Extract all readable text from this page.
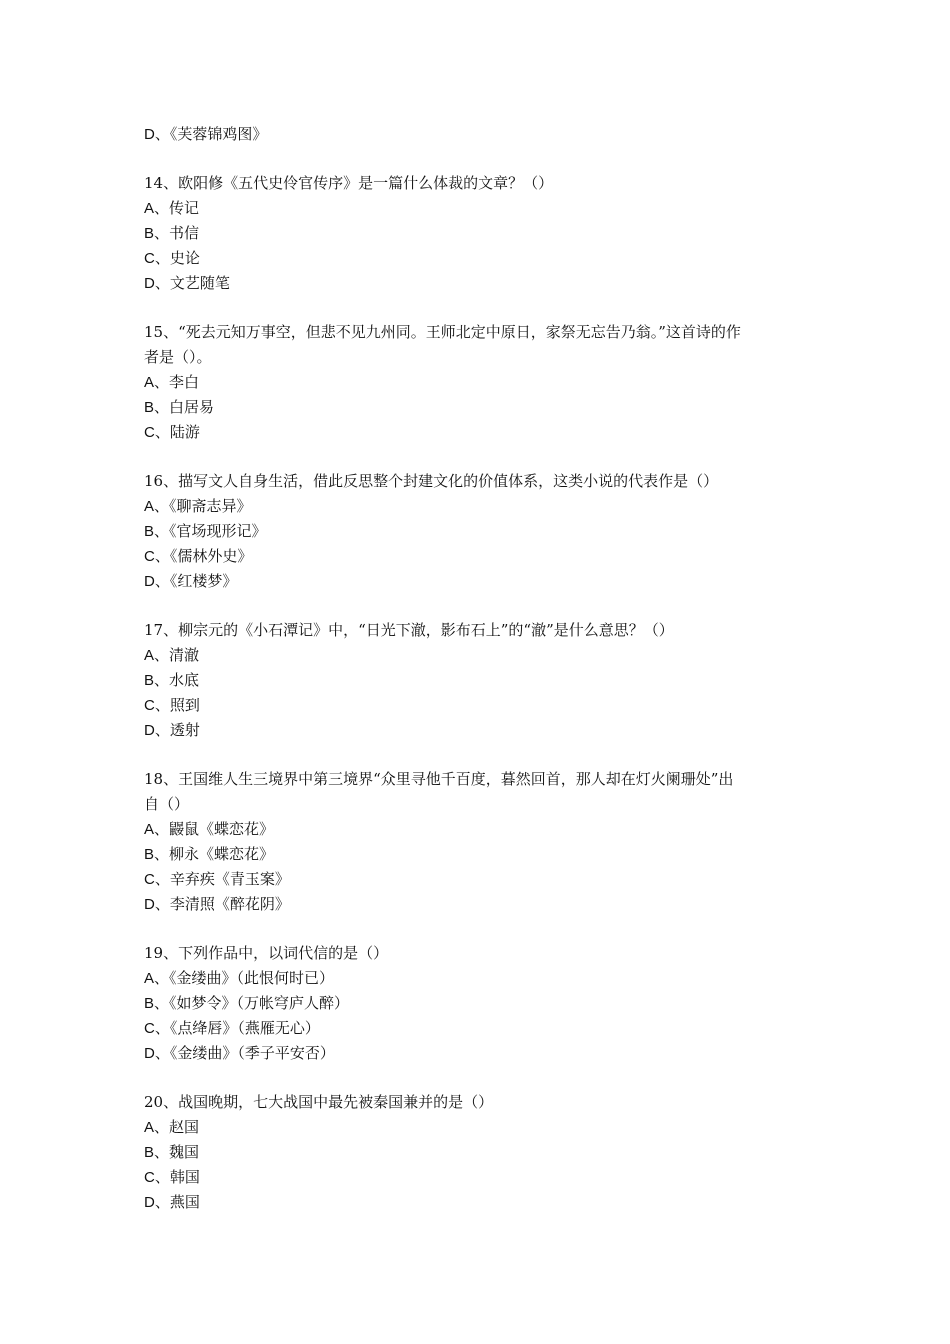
D、《芙蓉锦鸡图》
14、欧阳修《五代史伶官传序》是一篇什么体裁的文章？（）
A、传记
B、书信
C、史论
D、文艺随笔
15、“死去元知万事空，但悲不见九州同。王师北定中原日，家祭无忘告乃翁。”这首诗的作
者是（）。
A、李白
B、白居易
C、陆游
16、描写文人自身生活，借此反思整个封建文化的价值体系，这类小说的代表作是（）
A、《聊斋志异》
B、《官场现形记》
C、《儒林外史》
D、《红楼梦》
17、柳宗元的《小石潭记》中，“日光下澈，影布石上”的“澈”是什么意思？（）
A、清澈
B、水底
C、照到
D、透射
18、王国维人生三境界中第三境界“众里寻他千百度，暮然回首，那人却在灯火阑珊处”出
自（）
A、鼹鼠《蝶恋花》
B、柳永《蝶恋花》
C、辛弃疾《青玉案》
D、李清照《醉花阴》
19、下列作品中，以词代信的是（）
A、《金缕曲》（此恨何时已）
B、《如梦令》（万帐穹庐人醉）
C、《点绛唇》（燕雁无心）
D、《金缕曲》（季子平安否）
20、战国晚期，七大战国中最先被秦国兼并的是（）
A、赵国
B、魏国
C、韩国
D、燕国
